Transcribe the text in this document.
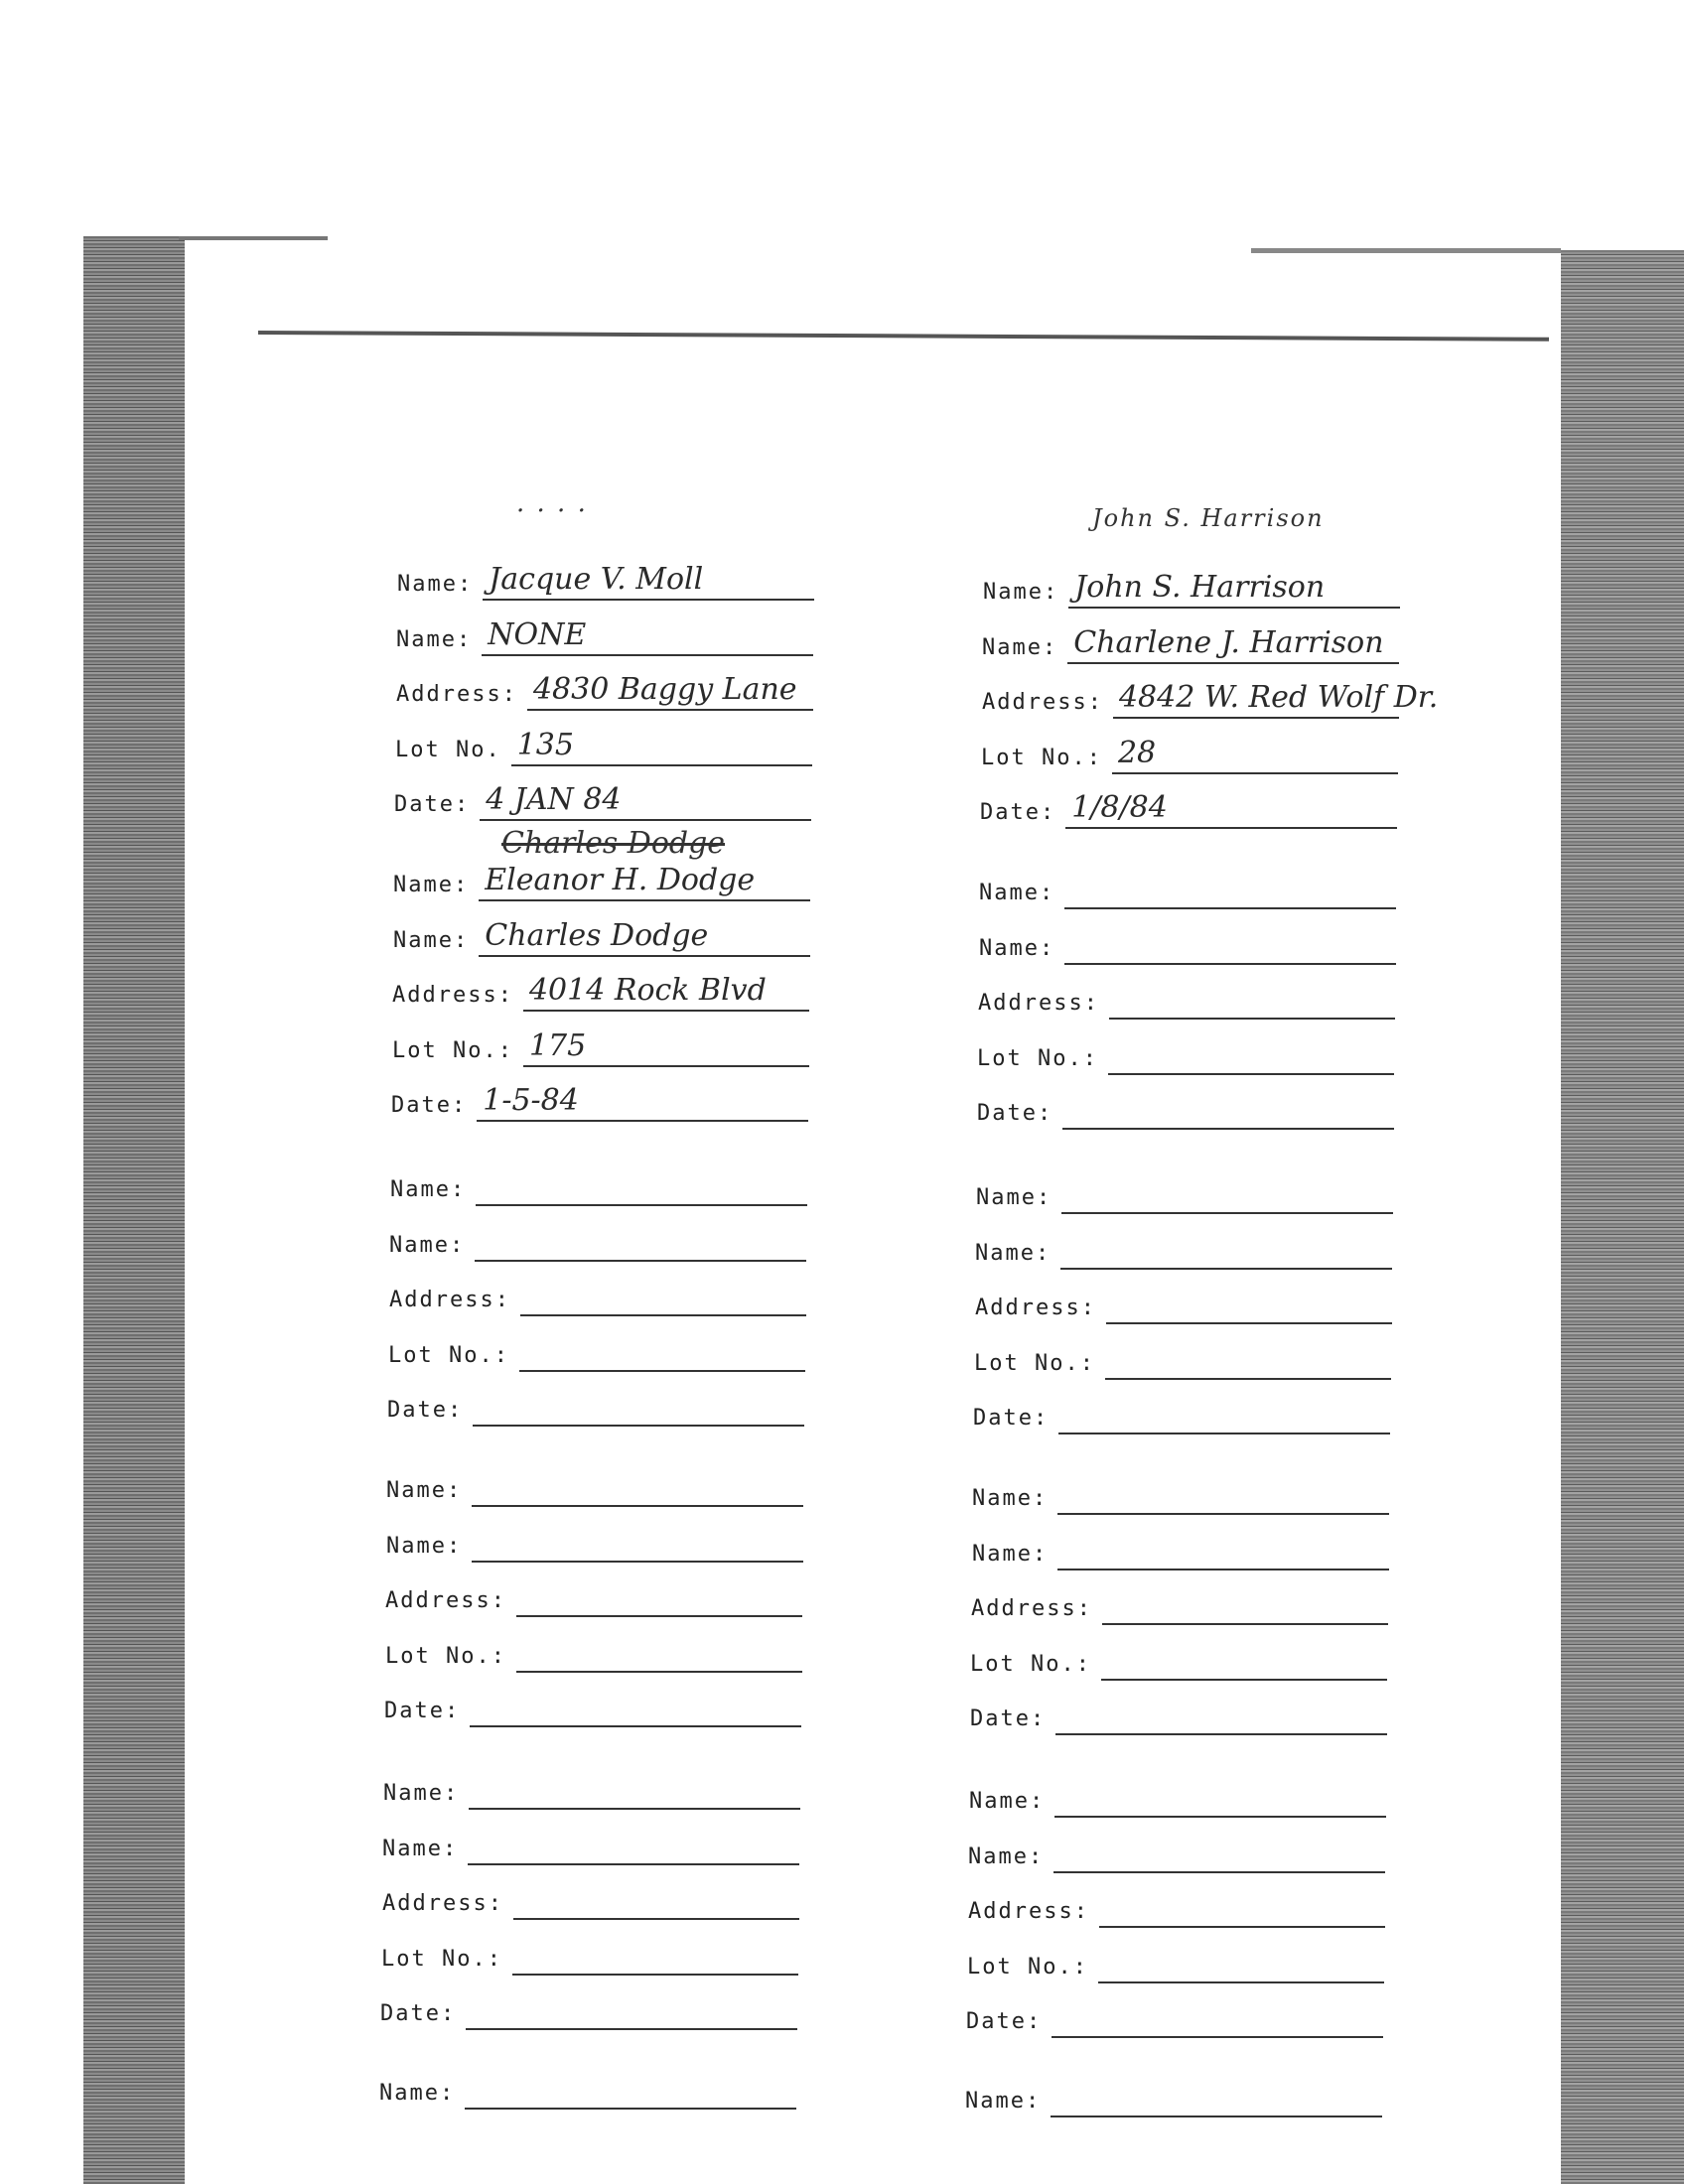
· · · ·	John S. Harrison
Charles Dodge
Name: Jacque V. Moll
Name: NONE
Address: 4830 Baggy Lane
Lot No. 135
Date: 4 JAN 84
Name: Eleanor H. Dodge
Name: Charles Dodge
Address: 4014 Rock Blvd
Lot No.: 175
Date: 1-5-84
Name:
Name:
Address:
Lot No.:
Date:
Name:
Name:
Address:
Lot No.:
Date:
Name:
Name:
Address:
Lot No.:
Date:
Name:
Name: John S. Harrison
Name: Charlene J. Harrison
Address: 4842 W. Red Wolf Dr.
Lot No.: 28
Date: 1/8/84
Name:
Name:
Address:
Lot No.:
Date:
Name:
Name:
Address:
Lot No.:
Date:
Name:
Name:
Address:
Lot No.:
Date:
Name:
Name:
Address:
Lot No.:
Date:
Name:
